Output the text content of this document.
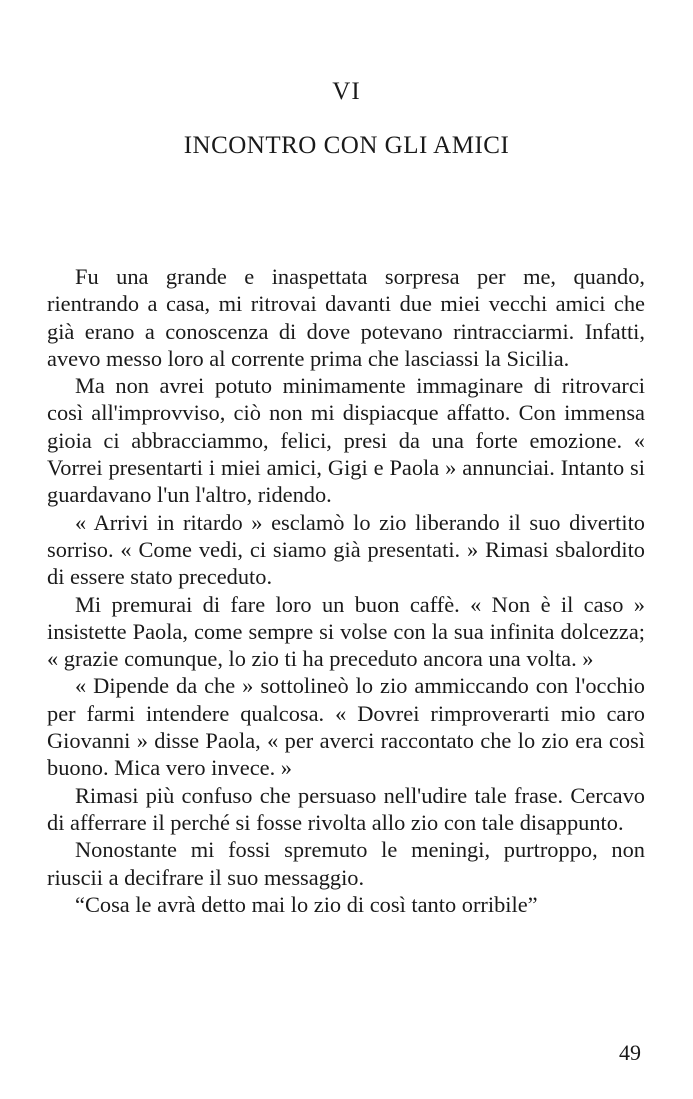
VI
INCONTRO CON GLI AMICI

Fu una grande e inaspettata sorpresa per me, quando, rientrando a casa, mi ritrovai davanti due miei vecchi amici che già erano a conoscenza di dove potevano rintracciarmi. Infatti, avevo messo loro al corrente prima che lasciassi la Sicilia.

Ma non avrei potuto minimamente immaginare di ritrovarci così all'improvviso, ciò non mi dispiacque affatto. Con immensa gioia ci abbracciammo, felici, presi da una forte emozione. « Vorrei presentarti i miei amici, Gigi e Paola » annunciai. Intanto si guardavano l'un l'altro, ridendo.

« Arrivi in ritardo » esclamò lo zio liberando il suo divertito sorriso. « Come vedi, ci siamo già presentati. » Rimasi sbalordito di essere stato preceduto.

Mi premurai di fare loro un buon caffè. « Non è il caso » insistette Paola, come sempre si volse con la sua infinita dolcezza; « grazie comunque, lo zio ti ha preceduto ancora una volta. »

« Dipende da che » sottolineò lo zio ammiccando con l'occhio per farmi intendere qualcosa. « Dovrei rimproverarti mio caro Giovanni » disse Paola, « per averci raccontato che lo zio era così buono. Mica vero invece. »

Rimasi più confuso che persuaso nell'udire tale frase. Cercavo di afferrare il perché si fosse rivolta allo zio con tale disappunto.

Nonostante mi fossi spremuto le meningi, purtroppo, non riuscii a decifrare il suo messaggio.

“Cosa le avrà detto mai lo zio di così tanto orribile”

49
